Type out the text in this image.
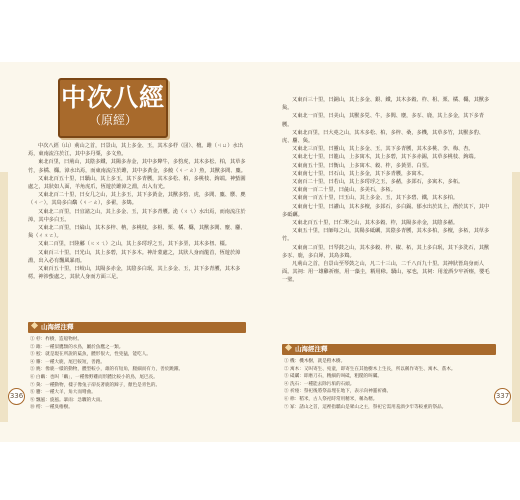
中次八經
（原經）

中次八經（山）荊山之首，曰景山，其上多金、玉，其木多杼（㘝）、檀。雎（ㄐㄩ）水出焉，東南流注於江，其中多丹粟，多文魚。

東北百里，曰荊山，其陰多鐵，其陽多赤金，其中多犛牛，多豹虎，其木多松、柏，其草多竹，多橘、櫾。漳水出焉，而東南流注於雎，其中多黃金，多鮫（ㄐㄧㄠ）魚，其獸多閭、麋。

又東北百五十里，曰驕山，其上多玉，其下多青雘，其木多松、柏，多桃枝、鉤端。神䖪圍處之，其狀如人面，羊角虎爪，恆遊於雎漳之淵，出入有光。

又東北百二十里，曰女几之山，其上多玉，其下多黃金，其獸多豹、虎，多閭、麋、麖、麂（ㄐㄧ），其鳥多白鷸（ㄐㄧㄠ），多翟，多鴆。

又東北二百里，曰宜諸之山，其上多金、玉，其下多青雘。洈（ㄨㄟ）水出焉，而南流注於漳，其中多白玉。

又東北二百里，曰綸山，其木多梓、柟，多桃枝，多柤、栗、橘、櫾，其獸多閭、麈、麢、㚟（ㄔㄨㄛ）。

又東二百里，曰陸䣙（ㄍㄨㄟ）之山，其上多㻬琈之玉，其下多堊，其木多杻、橿。

又東百三十里，曰光山，其上多碧，其下多木。神計蒙處之，其狀人身而龍首，恆遊於漳淵，出入必有飄風暴雨。

又東百五十里，曰岐山，其陽多赤金，其陰多白珉，其上多金、玉，其下多青雘，其木多樗。神涉䖪處之，其狀人身而方面三足。

山海經注釋
① 杼：柞樹，造船物材。
② 雎：一種似鷹類的水鳥，屬於魚鷹之一類。
③ 鮫：就是現在所說的鯊魚，體形很大，性兇猛，能吃人。
④ 麖：一種大鹿，尾巴較短，善跑。
⑤ 麂：像鹿一樣的動物，體型較小，雄的有短角，腿細而有力，善於跳躍。
⑥ 白鷸：也叫「鷸」，一種像野雞而形體比較小的鳥，尾巴長。
⑦ 㚟：一種動物，樣子像兔子卻長著鹿的蹄子，顏色是青色的。
⑧ 麢：一種大羊，角大而彎曲。
⑨ 飄風：旋風。暴雨：急驟的大雨。
⑩ 樗：一種臭椿樹。

又東百三十里，曰銅山，其上多金、銀、鐵，其木多穀、柞、柤、栗、橘、櫾，其獸多㚟。

又東北一百里，曰美山，其獸多兕、牛，多閭、麈，多豕、鹿，其上多金，其下多青雘。

又東北百里，曰大堯之山，其木多松、柏，多梓、桑，多機，其草多竹，其獸多豹、虎、麢、㚟。

又東北三百里，曰靈山，其上多金、玉，其下多青雘，其木多桃、李、梅、杏。

又東北七十里，曰龍山，上多寓木，其上多碧，其下多赤錫，其草多桃枝、鉤端。

又東南五十里，曰衡山，上多寓木、穀、柞，多黃堊、白堊。

又東南七十里，曰石山，其上多金，其下多青雘，多寓木。

又南百二十里，曰若山，其上多㻬琈之玉，多赭，多邽石，多寓木，多柘。

又東南一百二十里，曰彘山，多美石，多柘。

又東南一百五十里，曰玉山，其上多金、玉，其下多碧、鐵，其木多柏。

又東南七十里，曰讙山，其木多檀，多邽石，多白錫。郁水出於其上，潛於其下，其中多砥礪。

又東北百五十里，曰仁舉之山，其木多穀、柞，其陽多赤金，其陰多赭。

又東五十里，曰師每之山，其陽多砥礪，其陰多青雘，其木多柏，多檀，多柘，其草多竹。

又東南二百里，曰琴鼓之山，其木多穀、柞、椒、柘，其上多白珉，其下多洗石，其獸多豕、鹿，多白犀，其鳥多鴆。

凡荊山之首，自景山至琴鼓之山，凡二十三山，二千八百九十里。其神狀皆鳥身而人面。其祠：用一雄雞祈瘞，用一藻圭，糈用稌。驕山，冢也，其祠：用羞酒少牢祈瘞，嬰毛一璧。

山海經注釋
① 機：機木樹，就是榿木樹。
② 寓木：又叫寄生、宛童，即寄生在其他樹木上生長，所以稱作寄生、寓木、蔦木。
③ 砥礪：即磨刀石，精細的叫砥，粗糙的叫礪。
④ 洗石：一種能去除污垢的石頭。
⑤ 祈瘞：祭祀後將祭品埋在地下，表示向神靈祈禱。
⑥ 稌：稻米，古人祭祀時常用精米，稱為糈。
⑦ 冢：諸山之首，這裡指驕山是眾山之主，祭祀它需用羞酒少牢等較重的祭品。
336	337
